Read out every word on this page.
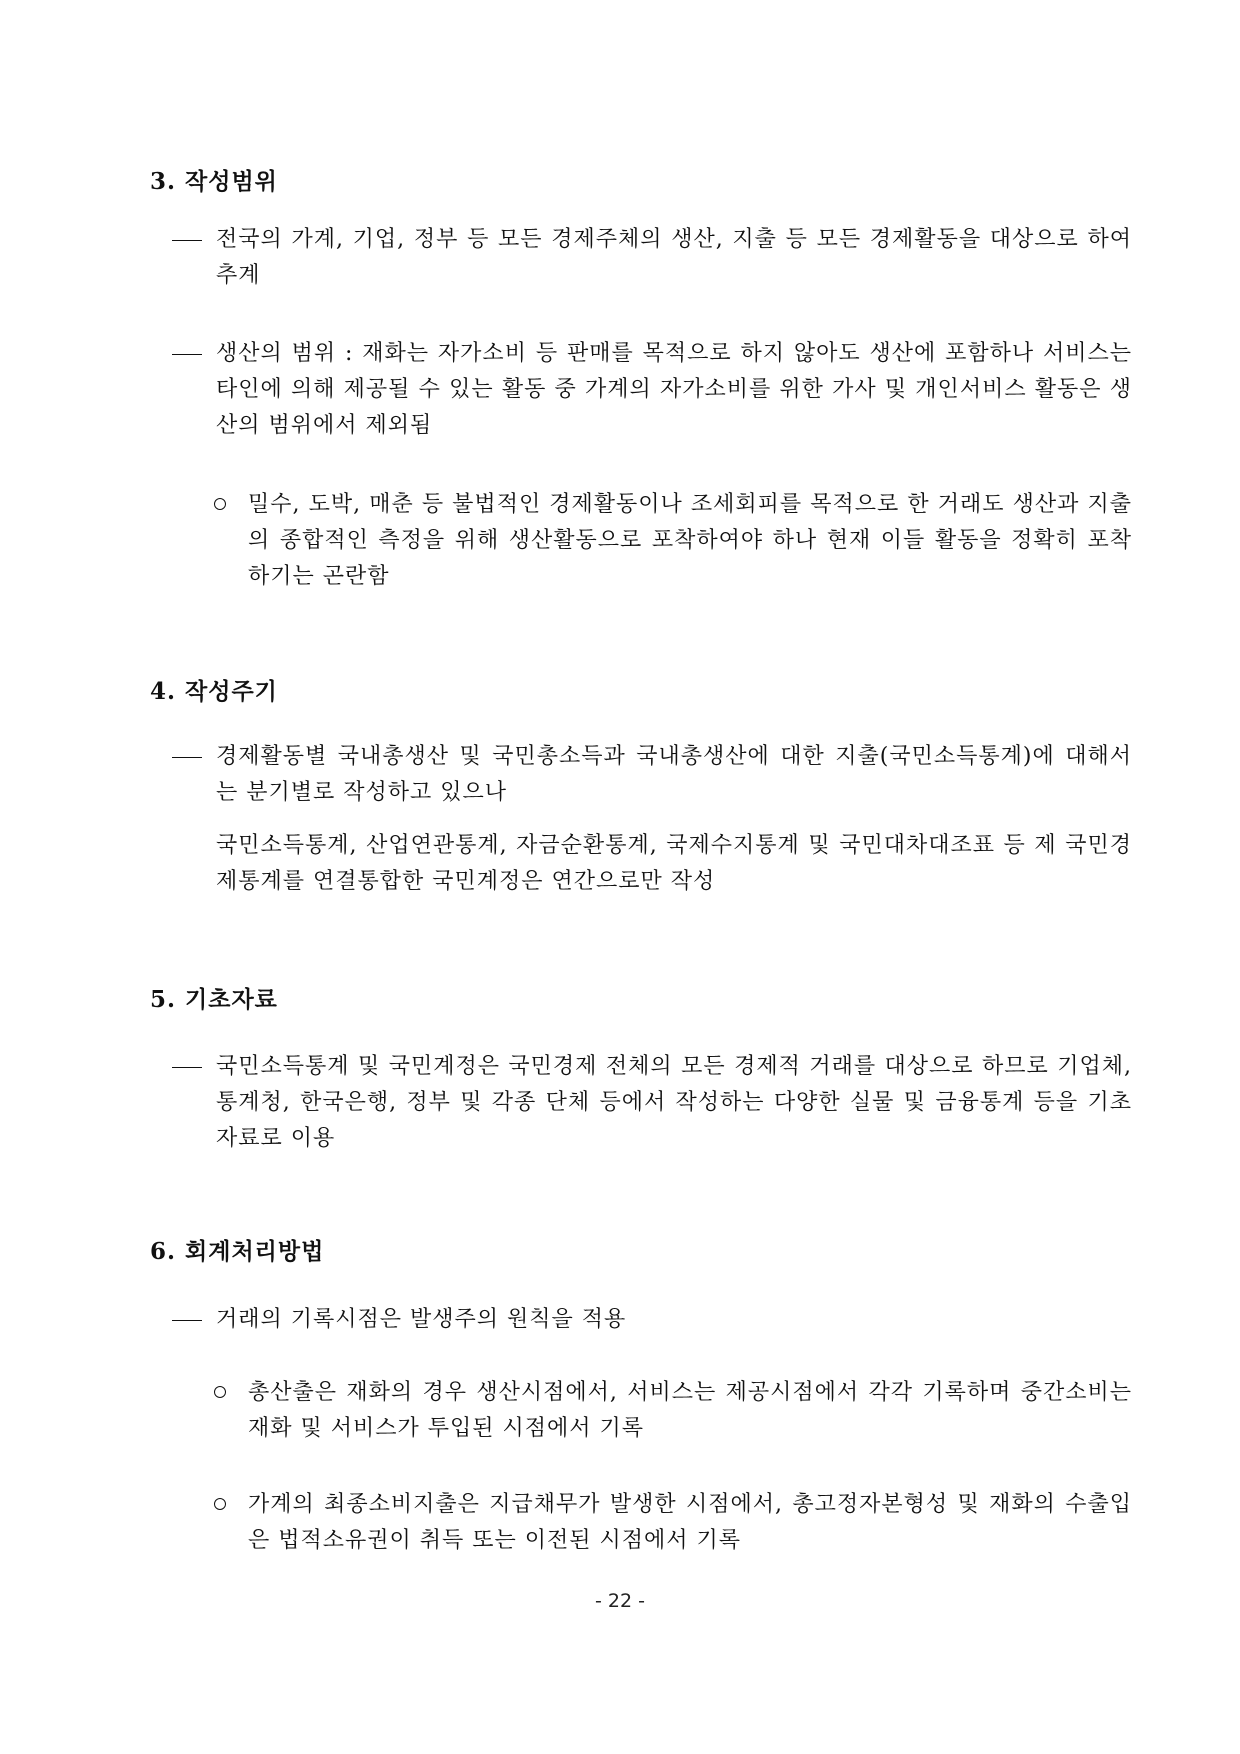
3. 작성범위
전국의 가계, 기업, 정부 등 모든 경제주체의 생산, 지출 등 모든 경제활동을 대상으로 하여 추계
생산의 범위 : 재화는 자가소비 등 판매를 목적으로 하지 않아도 생산에 포함하나 서비스는 타인에 의해 제공될 수 있는 활동 중 가계의 자가소비를 위한 가사 및 개인서비스 활동은 생산의 범위에서 제외됨
밀수, 도박, 매춘 등 불법적인 경제활동이나 조세회피를 목적으로 한 거래도 생산과 지출의 종합적인 측정을 위해 생산활동으로 포착하여야 하나 현재 이들 활동을 정확히 포착하기는 곤란함
4. 작성주기
경제활동별 국내총생산 및 국민총소득과 국내총생산에 대한 지출(국민소득통계)에 대해서는 분기별로 작성하고 있으나
국민소득통계, 산업연관통계, 자금순환통계, 국제수지통계 및 국민대차대조표 등 제 국민경제통계를 연결통합한 국민계정은 연간으로만 작성
5. 기초자료
국민소득통계 및 국민계정은 국민경제 전체의 모든 경제적 거래를 대상으로 하므로 기업체, 통계청, 한국은행, 정부 및 각종 단체 등에서 작성하는 다양한 실물 및 금융통계 등을 기초자료로 이용
6. 회계처리방법
거래의 기록시점은 발생주의 원칙을 적용
총산출은 재화의 경우 생산시점에서, 서비스는 제공시점에서 각각 기록하며 중간소비는 재화 및 서비스가 투입된 시점에서 기록
가계의 최종소비지출은 지급채무가 발생한 시점에서, 총고정자본형성 및 재화의 수출입은 법적소유권이 취득 또는 이전된 시점에서 기록
- 22 -
